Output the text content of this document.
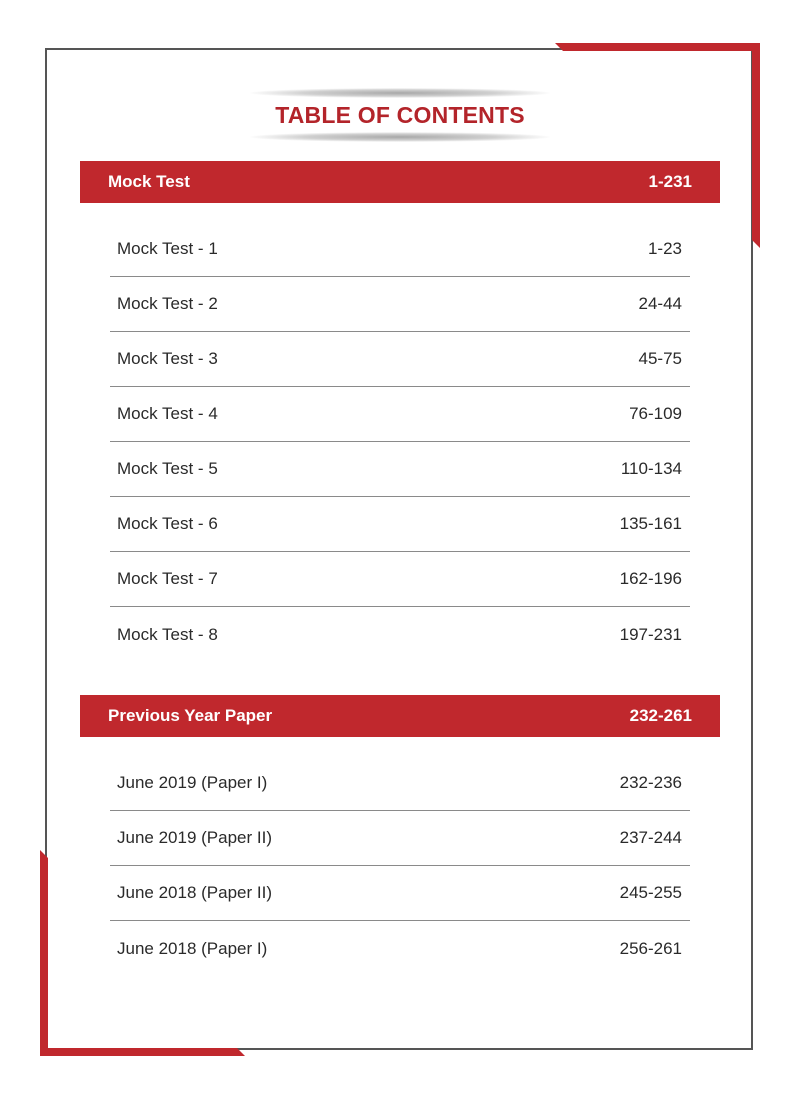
TABLE OF CONTENTS
Mock Test	1-231
Mock Test - 1	1-23
Mock Test - 2	24-44
Mock Test - 3	45-75
Mock Test - 4	76-109
Mock Test - 5	110-134
Mock Test - 6	135-161
Mock Test - 7	162-196
Mock Test - 8	197-231
Previous Year Paper	232-261
June 2019 (Paper I)	232-236
June 2019 (Paper II)	237-244
June 2018 (Paper II)	245-255
June 2018 (Paper I)	256-261
